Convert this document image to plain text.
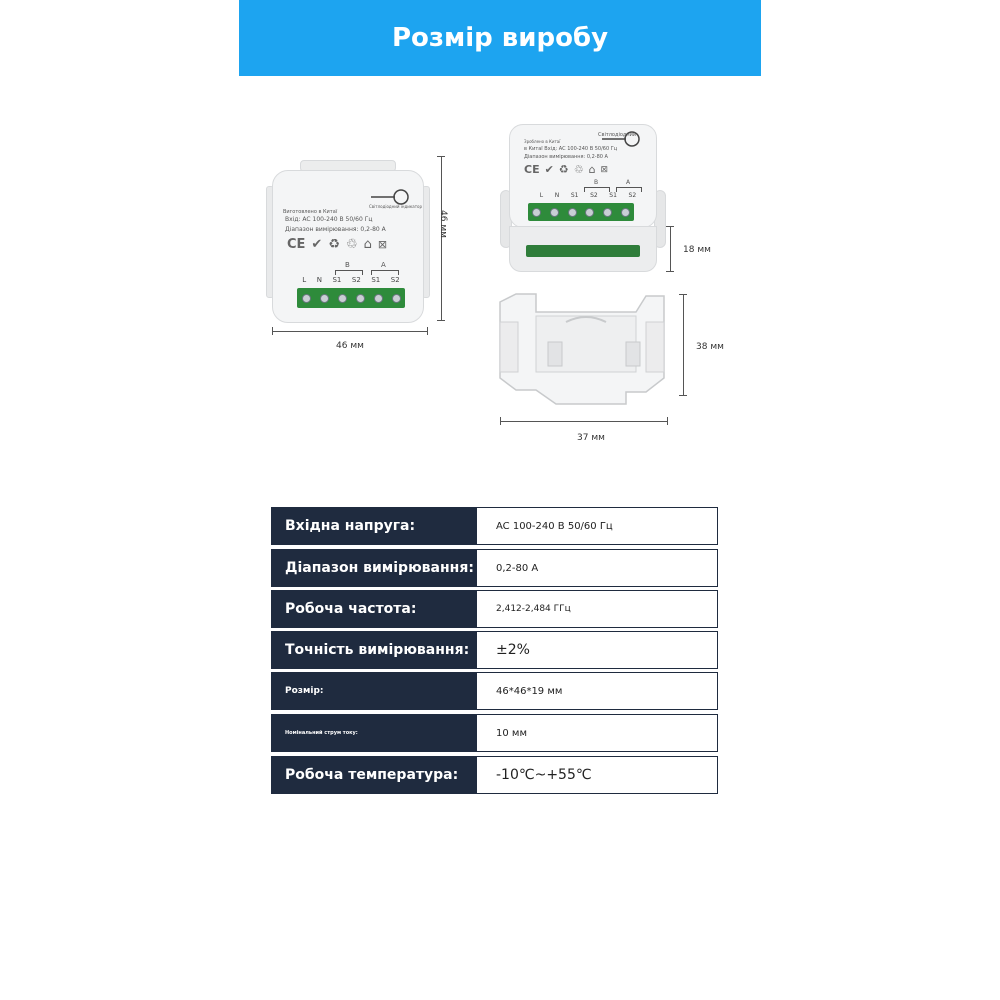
Розмір виробу
Світлодіодний індикатор
Виготовлено в Китаї
Вхід: AC 100-240 В 50/60 Гц
Діапазон вимірювання: 0,2-80 А
CE ✔ ♻ ♲ ⌂ ⊠
B	A
L N S1 S2 S1 S2
46 мм
46 мм
Світлодіодний
Зроблено в Китаї
в Китаї Вхід: AC 100-240 В 50/60 Гц
Діапазон вимірювання: 0,2-80 А
CE ✔ ♻ ♲ ⌂ ⊠
B	A
L N S1 S2 S1 S2
18 мм
38 мм
37 мм
Вхідна напруга:	AC 100-240 В 50/60 Гц
Діапазон вимірювання:	0,2-80 А
Робоча частота:	2,412-2,484 ГГц
Точність вимірювання:	±2%
Розмір:	46*46*19 мм
Номінальний струм току:	10 мм
Робоча температура:	-10℃~+55℃
